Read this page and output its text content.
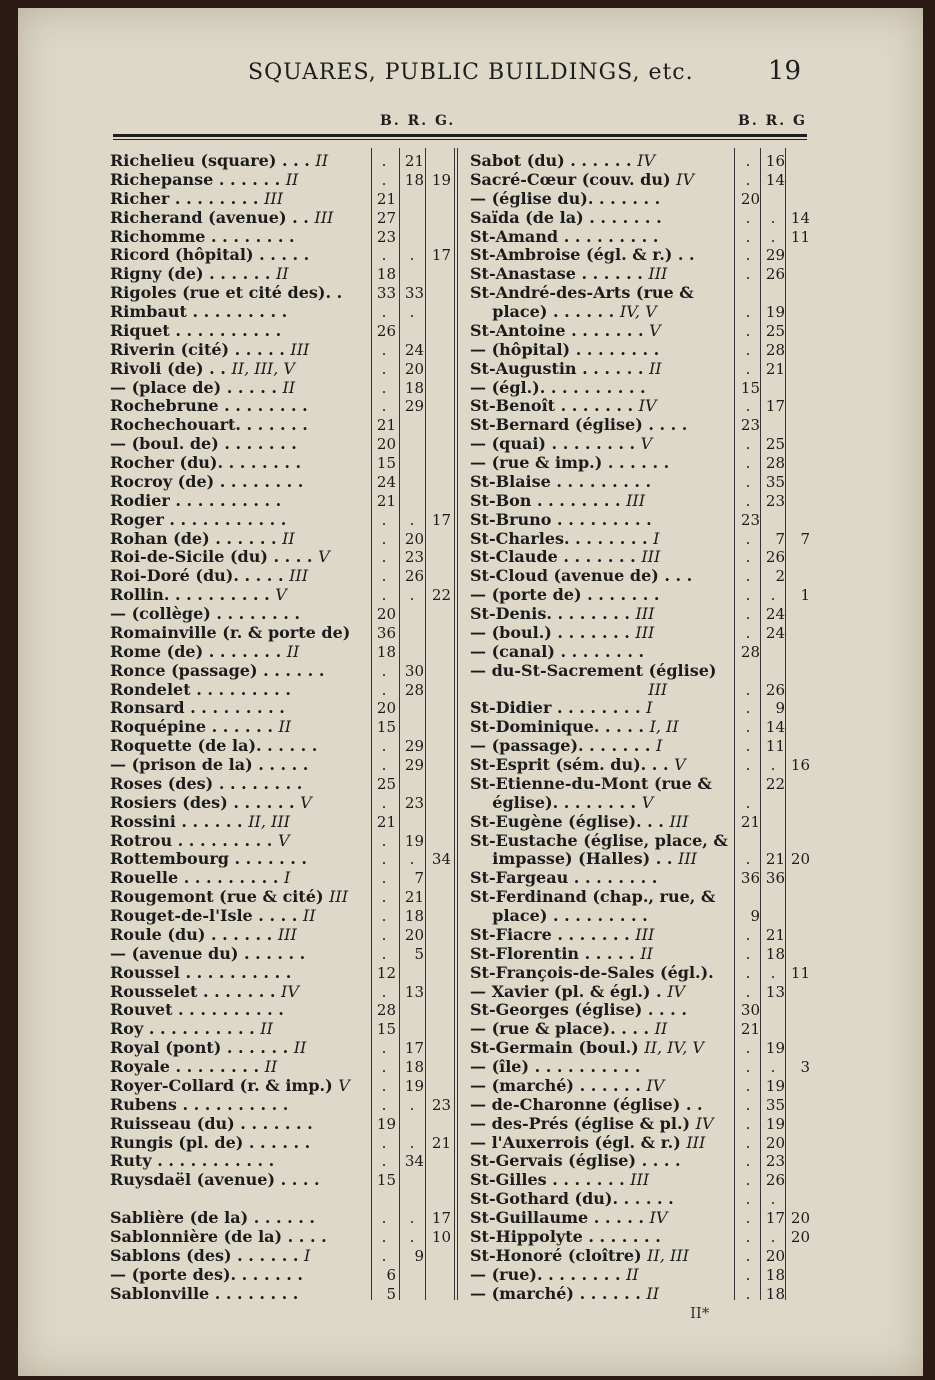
SQUARES, PUBLIC BUILDINGS, etc.	19
B. R. G.	B. R. G
Richelieu (square) . . . II	.	21
Richepanse . . . . . . II	.	18 19
Richer . . . . . . . . III	21
Richerand (avenue) . . III	27
Richomme . . . . . . . .	23
Ricord (hôpital) . . . . .	.	.	17
Rigny (de) . . . . . . II	18
Rigoles (rue et cité des). .	33 33
Rimbaut . . . . . . . . .	.	.
Riquet . . . . . . . . . .	26
Riverin (cité) . . . . . III	.	24
Rivoli (de) . . II, III, V	.	20
— (place de) . . . . . II	.	18
Rochebrune . . . . . . . .	.	29
Rochechouart. . . . . . .	21
— (boul. de) . . . . . . .	20
Rocher (du). . . . . . . .	15
Rocroy (de) . . . . . . . .	24
Rodier . . . . . . . . . .	21
Roger . . . . . . . . . . .	.	.	17
Rohan (de) . . . . . . II	.	20
Roi-de-Sicile (du) . . . . V	.	23
Roi-Doré (du). . . . . III	.	26
Rollin. . . . . . . . . . V	.	.	22
— (collège) . . . . . . . .	20
Romainville (r. & porte de)	36
Rome (de) . . . . . . . II	18
Ronce (passage) . . . . . .	.	30
Rondelet . . . . . . . . .	.	28
Ronsard . . . . . . . . .	20
Roquépine . . . . . . II	15
Roquette (de la). . . . . .	.	29
— (prison de la) . . . . .	.	29
Roses (des) . . . . . . . .	25
Rosiers (des) . . . . . . V	.	23
Rossini . . . . . . II, III	21
Rotrou . . . . . . . . . V	.	19
Rottembourg . . . . . . .	.	.	34
Rouelle . . . . . . . . . I	.	7
Rougemont (rue & cité) III	.	21
Rouget-de-l'Isle . . . . II	.	18
Roule (du) . . . . . . III	.	20
— (avenue du) . . . . . .	.	5
Roussel . . . . . . . . . .	12
Rousselet . . . . . . . IV	.	13
Rouvet . . . . . . . . . .	28
Roy . . . . . . . . . . II	15
Royal (pont) . . . . . . II	.	17
Royale . . . . . . . . II	.	18
Royer-Collard (r. & imp.) V	.	19
Rubens . . . . . . . . . .	.	.	23
Ruisseau (du) . . . . . . .	19
Rungis (pl. de) . . . . . .	.	.	21
Ruty . . . . . . . . . . .	.	34
Ruysdaël (avenue) . . . .	15
Sablière (de la) . . . . . .	.	.	17
Sablonnière (de la) . . . .	.	.	10
Sablons (des) . . . . . . I	.	9
— (porte des). . . . . . .	6
Sablonville . . . . . . . .	5
Sabot (du) . . . . . . IV	.	16
Sacré-Cœur (couv. du) IV	.	14
— (église du). . . . . . .	20
Saïda (de la) . . . . . . .	.	.	14
St-Amand . . . . . . . . .	.	.	11
St-Ambroise (égl. & r.) . .	.	29
St-Anastase . . . . . . III	.	26
St-André-des-Arts (rue &
place) . . . . . . IV, V	.	19
St-Antoine . . . . . . . V	.	25
— (hôpital) . . . . . . . .	.	28
St-Augustin . . . . . . II	.	21
— (égl.). . . . . . . . . .	15
St-Benoît . . . . . . . IV	.	17
St-Bernard (église) . . . .	23
— (quai) . . . . . . . . V	.	25
— (rue & imp.) . . . . . .	.	28
St-Blaise . . . . . . . . .	.	35
St-Bon . . . . . . . . III	.	23
St-Bruno . . . . . . . . .	23
St-Charles. . . . . . . . I	.	7	7
St-Claude . . . . . . . III	.	26
St-Cloud (avenue de) . . .	.	2
— (porte de) . . . . . . .	.	.	1
St-Denis. . . . . . . . III	.	24
— (boul.) . . . . . . . III	.	24
— (canal) . . . . . . . .	28
— du-St-Sacrement (église)
III	.	26
St-Didier . . . . . . . . I	.	9
St-Dominique. . . . . I, II	.	14
— (passage). . . . . . . I	.	11
St-Esprit (sém. du). . . V	.	.	16
St-Etienne-du-Mont (rue &	22
église). . . . . . . . V	.
St-Eugène (église). . . III	21
St-Eustache (église, place, &
impasse) (Halles) . . III	.	21 20
St-Fargeau . . . . . . . .	36 36
St-Ferdinand (chap., rue, &
place) . . . . . . . . .	9
St-Fiacre . . . . . . . III	.	21
St-Florentin . . . . . II	.	18
St-François-de-Sales (égl.).	.	.	11
— Xavier (pl. & égl.) . IV	.	13
St-Georges (église) . . . .	30
— (rue & place). . . . II	21
St-Germain (boul.) II, IV, V	.	19
— (île) . . . . . . . . . .	.	.	3
— (marché) . . . . . . IV	.	19
— de-Charonne (église) . .	.	35
— des-Prés (église & pl.) IV	.	19
— l'Auxerrois (égl. & r.) III	.	20
St-Gervais (église) . . . .	.	23
St-Gilles . . . . . . . III	.	26
St-Gothard (du). . . . . .	.	.
St-Guillaume . . . . . IV	.	17 20
St-Hippolyte . . . . . . .	.	.	20
St-Honoré (cloître) II, III	.	20
— (rue). . . . . . . . II	.	18
— (marché) . . . . . . II	.	18
II*
